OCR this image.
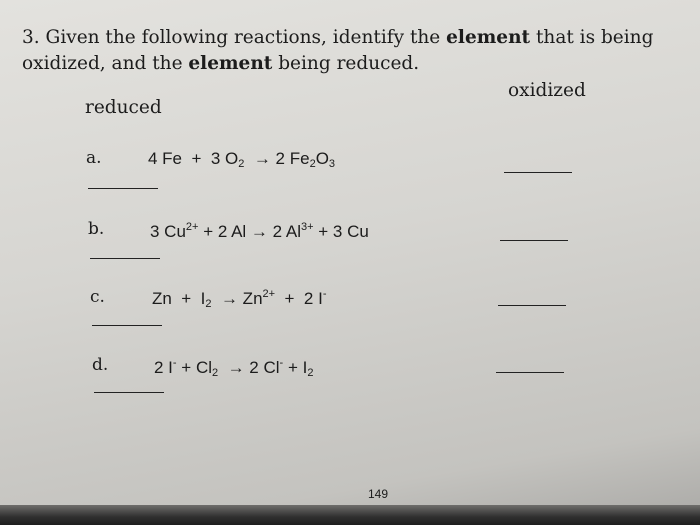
3. Given the following reactions, identify the element that is being oxidized, and the element being reduced.
oxidized
reduced
a.	4 Fe  +  3 $O_2 \to 2$ $Fe_2O_3$
b.	3 $Cu^{2+} + 2$ Al → 2 $Al^{3+} + 3$ Cu
c.	$Zn + I_2 \to Zn^{2+} + 2$ I-
d.	2 $I^- + Cl_2 \to 2$ $Cl^- + I_2$
149
